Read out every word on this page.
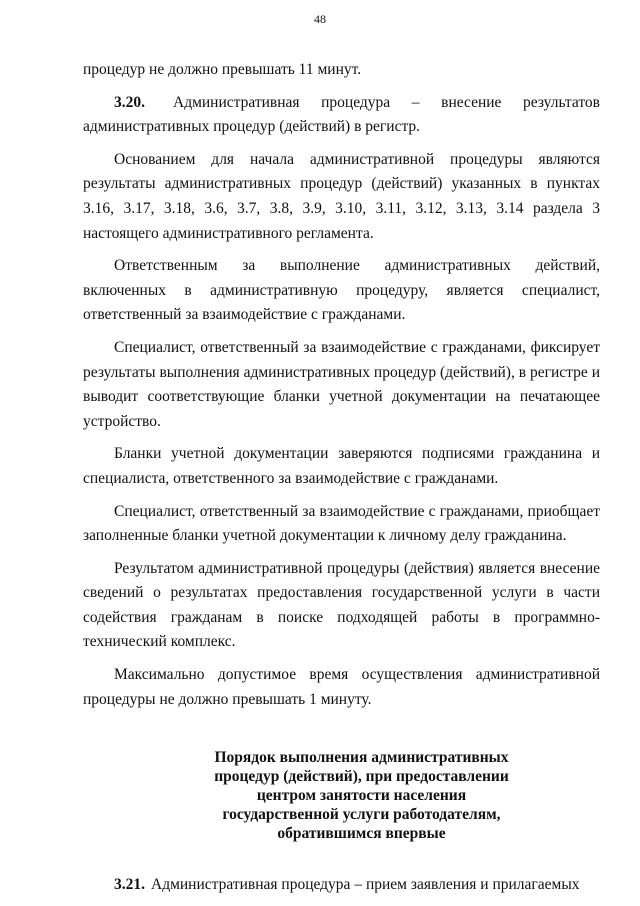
48

процедур не должно превышать 11 минут.

3.20. Административная процедура – внесение результатов административных процедур (действий) в регистр.

Основанием для начала административной процедуры являются результаты административных процедур (действий) указанных в пунктах 3.16, 3.17, 3.18, 3.6, 3.7, 3.8, 3.9, 3.10, 3.11, 3.12, 3.13, 3.14 раздела 3 настоящего административного регламента.

Ответственным за выполнение административных действий, включенных в административную процедуру, является специалист, ответственный за взаимодействие с гражданами.

Специалист, ответственный за взаимодействие с гражданами, фиксирует результаты выполнения административных процедур (действий), в регистре и выводит соответствующие бланки учетной документации на печатающее устройство.

Бланки учетной документации заверяются подписями гражданина и специалиста, ответственного за взаимодействие с гражданами.

Специалист, ответственный за взаимодействие с гражданами, приобщает заполненные бланки учетной документации к личному делу гражданина.

Результатом административной процедуры (действия) является внесение сведений о результатах предоставления государственной услуги в части содействия гражданам в поиске подходящей работы в программно-технический комплекс.

Максимально допустимое время осуществления административной процедуры не должно превышать 1 минуту.

Порядок выполнения административных
процедур (действий), при предоставлении
центром занятости населения
государственной услуги работодателям,
обратившимся впервые

3.21. Административная процедура – прием заявления и прилагаемых
